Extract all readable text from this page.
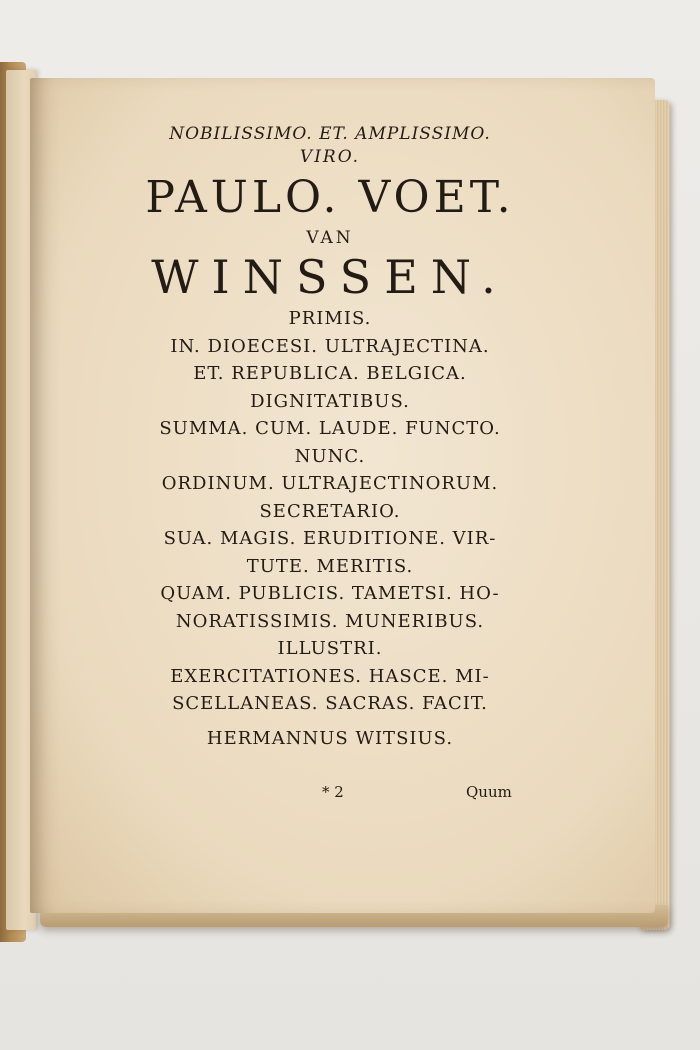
NOBILISSIMO. ET. AMPLISSIMO.
VIRO.
PAULO. VOET.
VAN
WINSSEN.
PRIMIS.
IN. DIOECESI. ULTRAJECTINA.
ET. REPUBLICA. BELGICA.
DIGNITATIBUS.
SUMMA. CUM. LAUDE. FUNCTO.
NUNC.
ORDINUM. ULTRAJECTINORUM.
SECRETARIO.
SUA. MAGIS. ERUDITIONE. VIR-
TUTE. MERITIS.
QUAM. PUBLICIS. TAMETSI. HO-
NORATISSIMIS. MUNERIBUS.
ILLUSTRI.
EXERCITATIONES. HASCE. MI-
SCELLANEAS. SACRAS. FACIT.
HERMANNUS WITSIUS.
* 2	Quum
